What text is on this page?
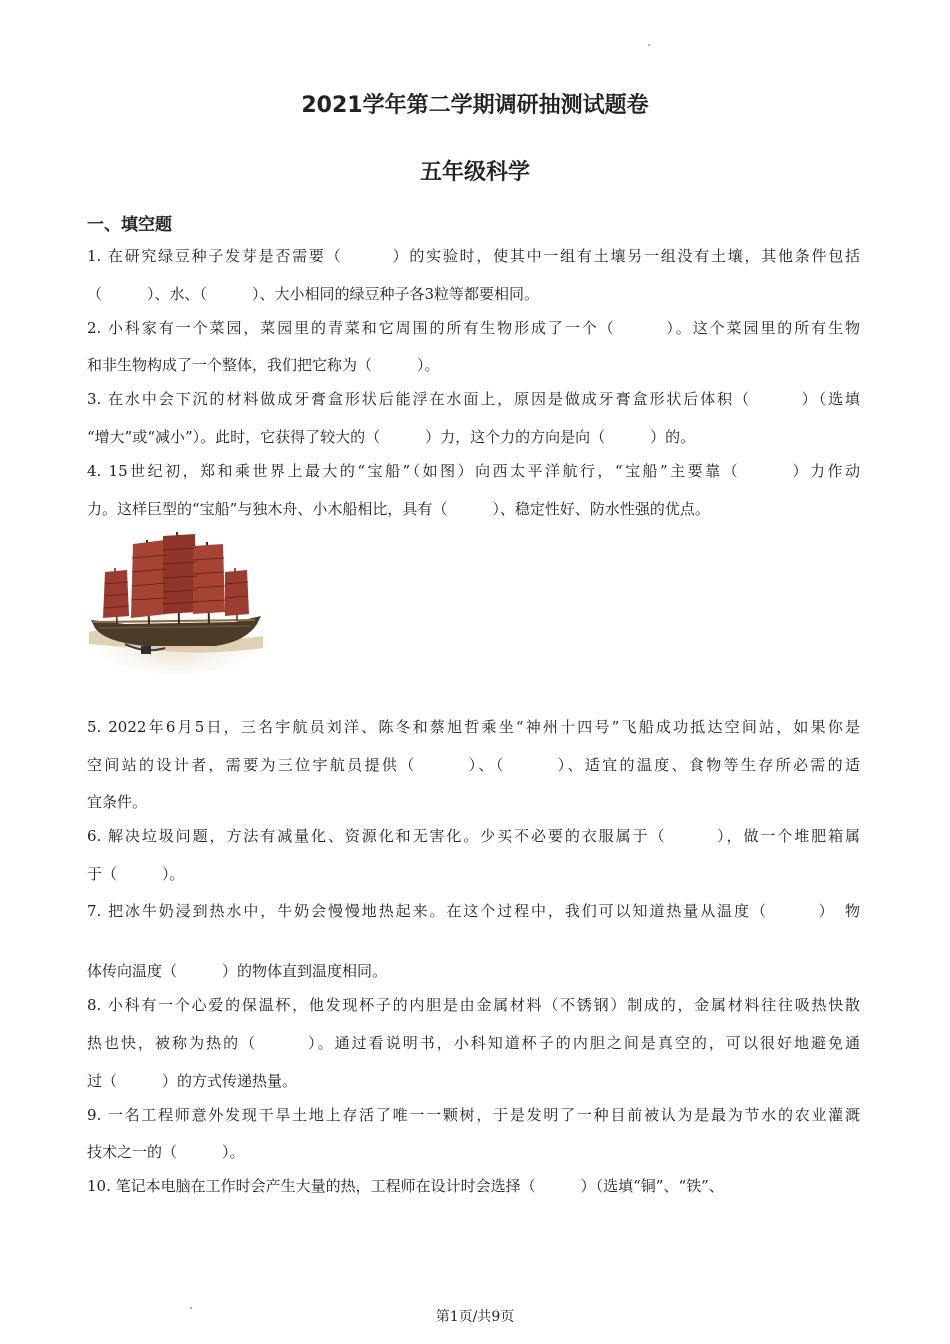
2021学年第二学期调研抽测试题卷
五年级科学
一、填空题
1. 在研究绿豆种子发芽是否需要（　　　）的实验时，使其中一组有土壤另一组没有土壤，其他条件包括
（　　　）、水、（　　　）、大小相同的绿豆种子各3粒等都要相同。
2. 小科家有一个菜园，菜园里的青菜和它周围的所有生物形成了一个（　　　）。这个菜园里的所有生物
和非生物构成了一个整体，我们把它称为（　　　）。
3. 在水中会下沉的材料做成牙膏盒形状后能浮在水面上，原因是做成牙膏盒形状后体积（　　　）（选填
“增大”或“减小”）。此时，它获得了较大的（　　　）力，这个力的方向是向（　　　）的。
4. 15世纪初，郑和乘世界上最大的“宝船”（如图）向西太平洋航行，“宝船”主要靠（　　　）力作动
力。这样巨型的“宝船”与独木舟、小木船相比，具有（　　　）、稳定性好、防水性强的优点。
5. 2022年6月5日，三名宇航员刘洋、陈冬和蔡旭哲乘坐“神州十四号”飞船成功抵达空间站，如果你是
空间站的设计者，需要为三位宇航员提供（　　　）、（　　　）、适宜的温度、食物等生存所必需的适
宜条件。
6. 解决垃圾问题，方法有减量化、资源化和无害化。少买不必要的衣服属于（　　　），做一个堆肥箱属
于（　　　）。
7. 把冰牛奶浸到热水中，牛奶会慢慢地热起来。在这个过程中，我们可以知道热量从温度（　　　）　物
体传向温度（　　　）的物体直到温度相同。
8. 小科有一个心爱的保温杯，他发现杯子的内胆是由金属材料（不锈钢）制成的，金属材料往往吸热快散
热也快，被称为热的（　　　）。通过看说明书，小科知道杯子的内胆之间是真空的，可以很好地避免通
过（　　　）的方式传递热量。
9. 一名工程师意外发现干旱土地上存活了唯一一颗树，于是发明了一种目前被认为是最为节水的农业灌溉
技术之一的（　　　）。
10. 笔记本电脑在工作时会产生大量的热，工程师在设计时会选择（　　　）（选填“铜”、“铁”、
第1页/共9页
